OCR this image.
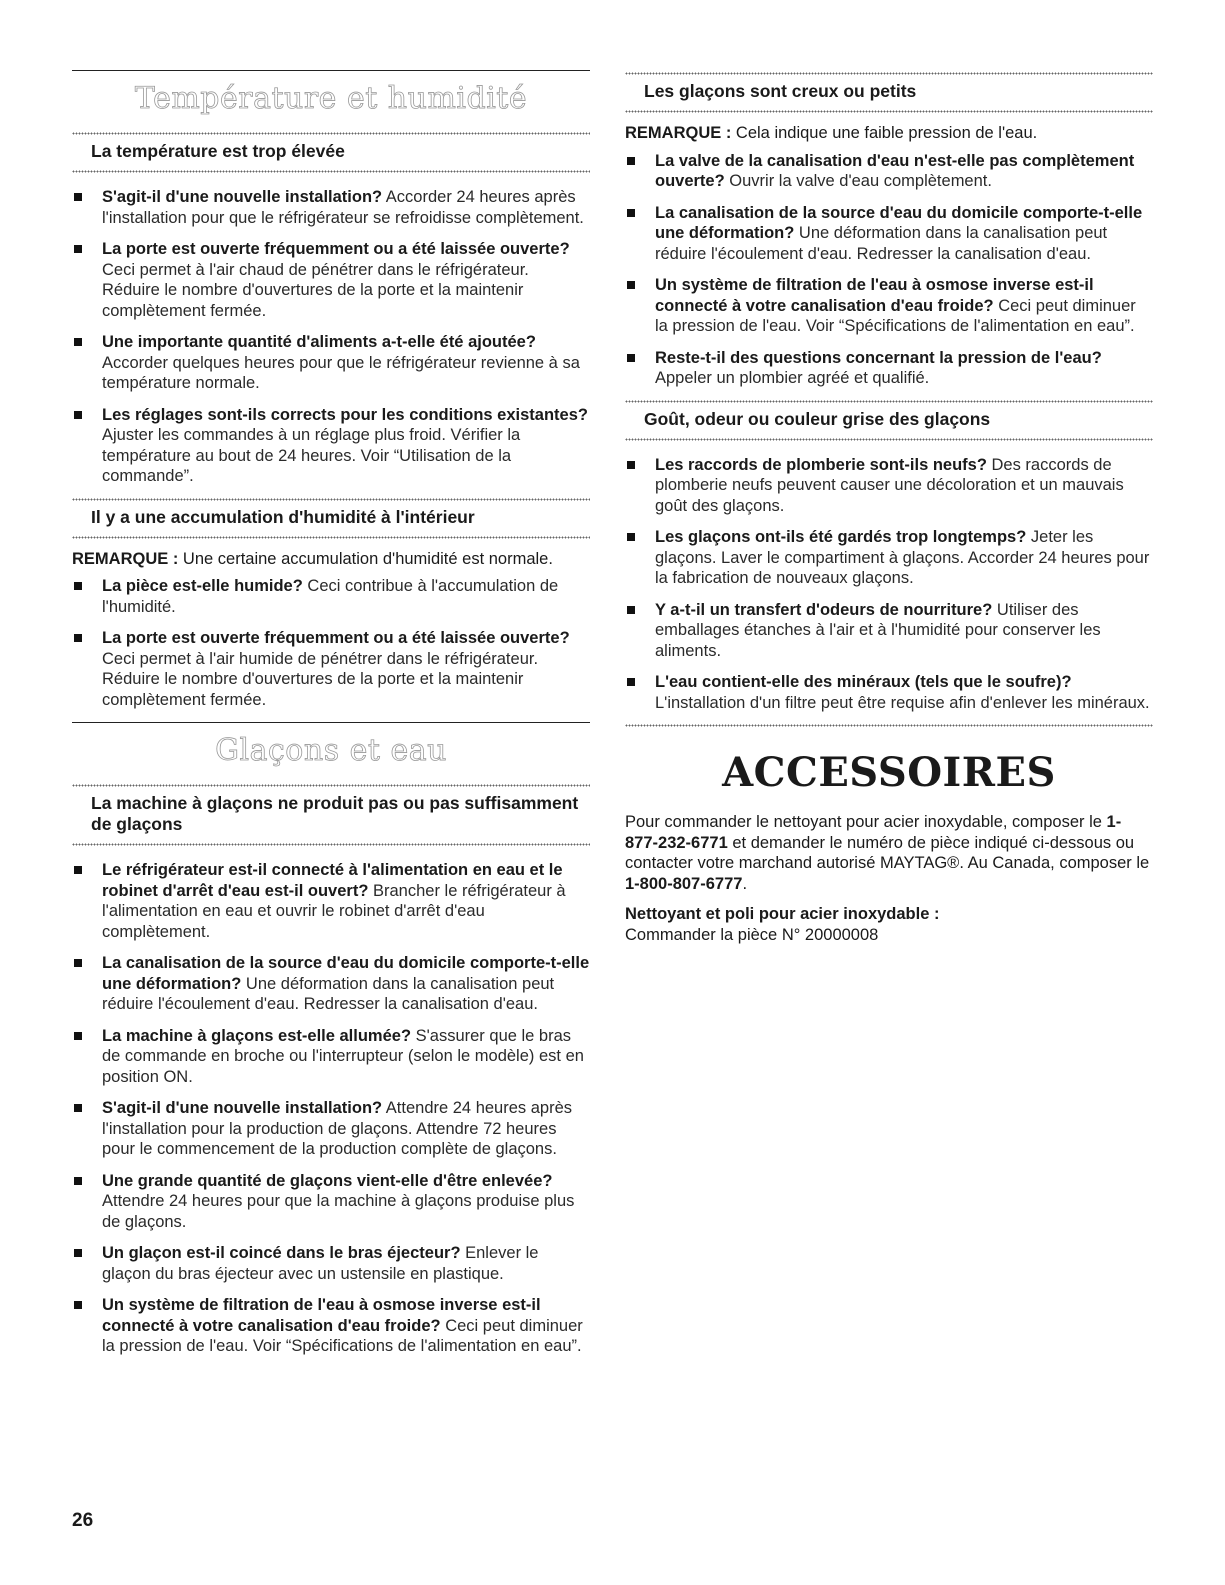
Température et humidité
La température est trop élevée
S'agit-il d'une nouvelle installation? Accorder 24 heures après l'installation pour que le réfrigérateur se refroidisse complètement.
La porte est ouverte fréquemment ou a été laissée ouverte? Ceci permet à l'air chaud de pénétrer dans le réfrigérateur. Réduire le nombre d'ouvertures de la porte et la maintenir complètement fermée.
Une importante quantité d'aliments a-t-elle été ajoutée? Accorder quelques heures pour que le réfrigérateur revienne à sa température normale.
Les réglages sont-ils corrects pour les conditions existantes? Ajuster les commandes à un réglage plus froid. Vérifier la température au bout de 24 heures. Voir “Utilisation de la commande”.
Il y a une accumulation d'humidité à l'intérieur
REMARQUE : Une certaine accumulation d'humidité est normale.
La pièce est-elle humide? Ceci contribue à l'accumulation de l'humidité.
La porte est ouverte fréquemment ou a été laissée ouverte? Ceci permet à l'air humide de pénétrer dans le réfrigérateur. Réduire le nombre d'ouvertures de la porte et la maintenir complètement fermée.
Glaçons et eau
La machine à glaçons ne produit pas ou pas suffisamment de glaçons
Le réfrigérateur est-il connecté à l'alimentation en eau et le robinet d'arrêt d'eau est-il ouvert? Brancher le réfrigérateur à l'alimentation en eau et ouvrir le robinet d'arrêt d'eau complètement.
La canalisation de la source d'eau du domicile comporte-t-elle une déformation? Une déformation dans la canalisation peut réduire l'écoulement d'eau. Redresser la canalisation d'eau.
La machine à glaçons est-elle allumée? S'assurer que le bras de commande en broche ou l'interrupteur (selon le modèle) est en position ON.
S'agit-il d'une nouvelle installation? Attendre 24 heures après l'installation pour la production de glaçons. Attendre 72 heures pour le commencement de la production complète de glaçons.
Une grande quantité de glaçons vient-elle d'être enlevée? Attendre 24 heures pour que la machine à glaçons produise plus de glaçons.
Un glaçon est-il coincé dans le bras éjecteur? Enlever le glaçon du bras éjecteur avec un ustensile en plastique.
Un système de filtration de l'eau à osmose inverse est-il connecté à votre canalisation d'eau froide? Ceci peut diminuer la pression de l'eau. Voir “Spécifications de l'alimentation en eau”.
Les glaçons sont creux ou petits
REMARQUE : Cela indique une faible pression de l'eau.
La valve de la canalisation d'eau n'est-elle pas complètement ouverte? Ouvrir la valve d'eau complètement.
La canalisation de la source d'eau du domicile comporte-t-elle une déformation? Une déformation dans la canalisation peut réduire l'écoulement d'eau. Redresser la canalisation d'eau.
Un système de filtration de l'eau à osmose inverse est-il connecté à votre canalisation d'eau froide? Ceci peut diminuer la pression de l'eau. Voir “Spécifications de l'alimentation en eau”.
Reste-t-il des questions concernant la pression de l'eau? Appeler un plombier agréé et qualifié.
Goût, odeur ou couleur grise des glaçons
Les raccords de plomberie sont-ils neufs? Des raccords de plomberie neufs peuvent causer une décoloration et un mauvais goût des glaçons.
Les glaçons ont-ils été gardés trop longtemps? Jeter les glaçons. Laver le compartiment à glaçons. Accorder 24 heures pour la fabrication de nouveaux glaçons.
Y a-t-il un transfert d'odeurs de nourriture? Utiliser des emballages étanches à l'air et à l'humidité pour conserver les aliments.
L'eau contient-elle des minéraux (tels que le soufre)? L'installation d'un filtre peut être requise afin d'enlever les minéraux.
ACCESSOIRES
Pour commander le nettoyant pour acier inoxydable, composer le 1-877-232-6771 et demander le numéro de pièce indiqué ci-dessous ou contacter votre marchand autorisé MAYTAG®. Au Canada, composer le 1-800-807-6777.
Nettoyant et poli pour acier inoxydable :
Commander la pièce N° 20000008
26
